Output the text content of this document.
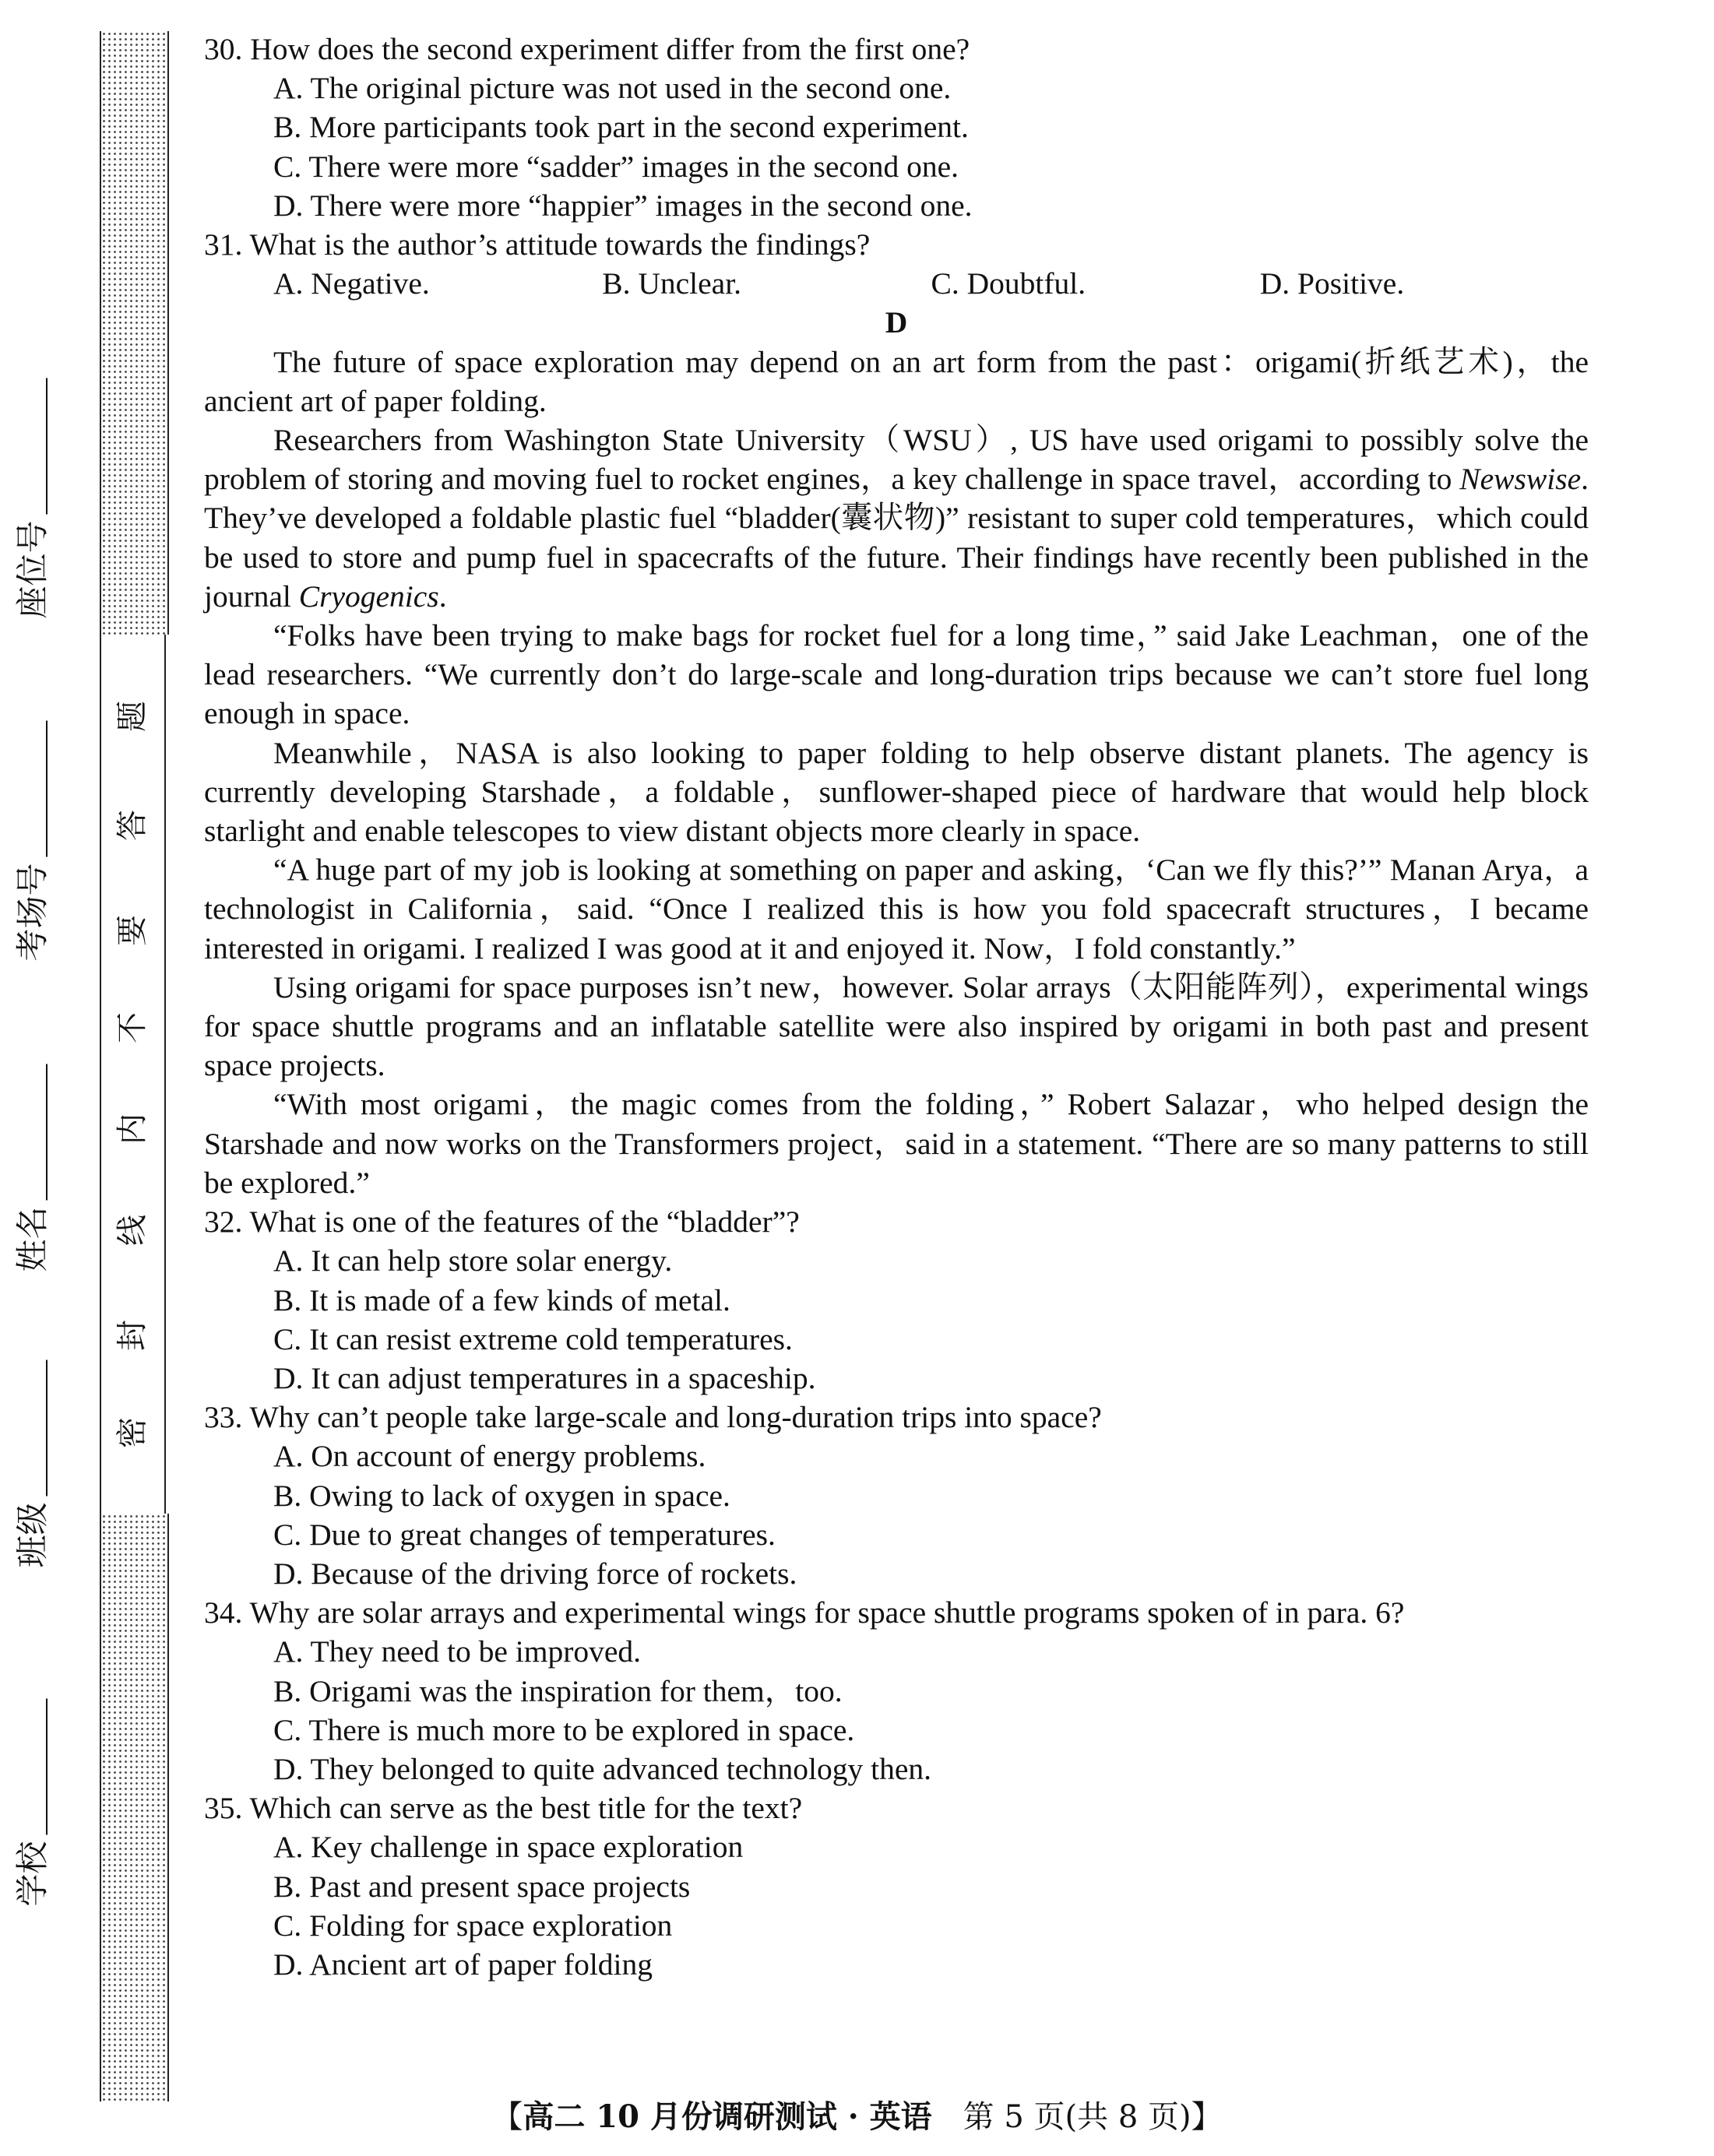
座位号
考场号
姓名
班级
学校
题
答
要
不
内
线
封
密
30. How does the second experiment differ from the first one?
A. The original picture was not used in the second one.
B. More participants took part in the second experiment.
C. There were more “sadder” images in the second one.
D. There were more “happier” images in the second one.
31. What is the author’s attitude towards the findings?
A. Negative.	B. Unclear.	C. Doubtful.	D. Positive.
D
The future of space exploration may depend on an art form from the past：origami(折纸艺术)，the ancient art of paper folding.
Researchers from Washington State University（WSU）, US have used origami to possibly solve the problem of storing and moving fuel to rocket engines，a key challenge in space travel，according to Newswise. They’ve developed a foldable plastic fuel “bladder(囊状物)” resistant to super cold temperatures，which could be used to store and pump fuel in spacecrafts of the future. Their findings have recently been published in the journal Cryogenics.
“Folks have been trying to make bags for rocket fuel for a long time，” said Jake Leachman，one of the lead researchers. “We currently don’t do large-scale and long-duration trips because we can’t store fuel long enough in space.
Meanwhile，NASA is also looking to paper folding to help observe distant planets. The agency is currently developing Starshade，a foldable，sunflower-shaped piece of hardware that would help block starlight and enable telescopes to view distant objects more clearly in space.
“A huge part of my job is looking at something on paper and asking，‘Can we fly this?’” Manan Arya，a technologist in California，said. “Once I realized this is how you fold spacecraft structures，I became interested in origami. I realized I was good at it and enjoyed it. Now，I fold constantly.”
Using origami for space purposes isn’t new，however. Solar arrays（太阳能阵列），experimental wings for space shuttle programs and an inflatable satellite were also inspired by origami in both past and present space projects.
“With most origami，the magic comes from the folding，” Robert Salazar，who helped design the Starshade and now works on the Transformers project，said in a statement. “There are so many patterns to still be explored.”
32. What is one of the features of the “bladder”?
A. It can help store solar energy.
B. It is made of a few kinds of metal.
C. It can resist extreme cold temperatures.
D. It can adjust temperatures in a spaceship.
33. Why can’t people take large-scale and long-duration trips into space?
A. On account of energy problems.
B. Owing to lack of oxygen in space.
C. Due to great changes of temperatures.
D. Because of the driving force of rockets.
34. Why are solar arrays and experimental wings for space shuttle programs spoken of in para. 6?
A. They need to be improved.
B. Origami was the inspiration for them，too.
C. There is much more to be explored in space.
D. They belonged to quite advanced technology then.
35. Which can serve as the best title for the text?
A. Key challenge in space exploration
B. Past and present space projects
C. Folding for space exploration
D. Ancient art of paper folding
【高二 10 月份调研测试 · 英语　 第 5 页(共 8 页)】
